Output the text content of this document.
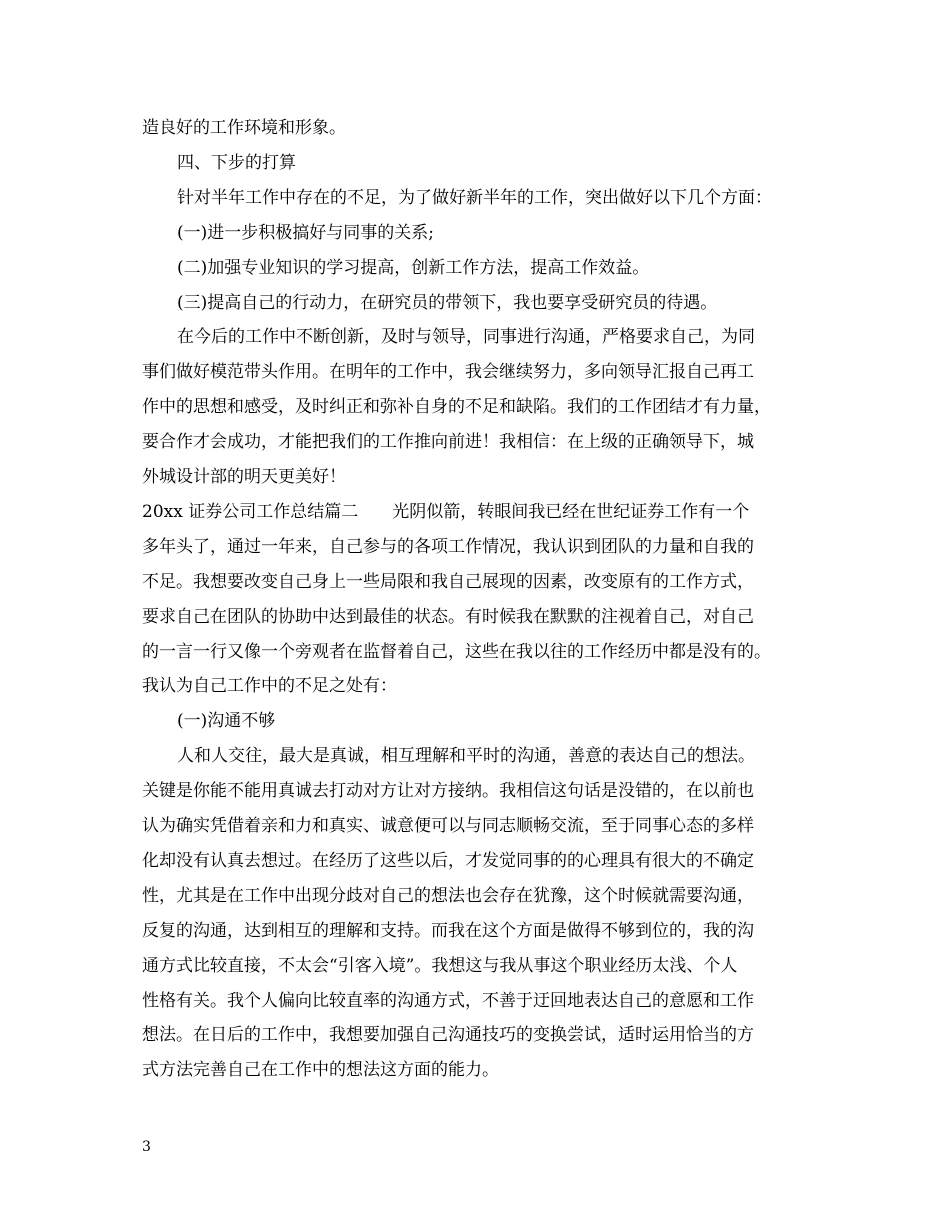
造良好的工作环境和形象。
四、下步的打算
针对半年工作中存在的不足，为了做好新半年的工作，突出做好以下几个方面：
(一)进一步积极搞好与同事的关系;
(二)加强专业知识的学习提高，创新工作方法，提高工作效益。
(三)提高自己的行动力，在研究员的带领下，我也要享受研究员的待遇。
在今后的工作中不断创新，及时与领导，同事进行沟通，严格要求自己，为同
事们做好模范带头作用。在明年的工作中，我会继续努力，多向领导汇报自己再工
作中的思想和感受，及时纠正和弥补自身的不足和缺陷。我们的工作团结才有力量，
要合作才会成功，才能把我们的工作推向前进！我相信：在上级的正确领导下，城
外城设计部的明天更美好！
20xx 证券公司工作总结篇二　　光阴似箭，转眼间我已经在世纪证券工作有一个
多年头了，通过一年来，自己参与的各项工作情况，我认识到团队的力量和自我的
不足。我想要改变自己身上一些局限和我自己展现的因素，改变原有的工作方式，
要求自己在团队的协助中达到最佳的状态。有时候我在默默的注视着自己，对自己
的一言一行又像一个旁观者在监督着自己，这些在我以往的工作经历中都是没有的。
我认为自己工作中的不足之处有：
(一)沟通不够
人和人交往，最大是真诚，相互理解和平时的沟通，善意的表达自己的想法。
关键是你能不能用真诚去打动对方让对方接纳。我相信这句话是没错的，在以前也
认为确实凭借着亲和力和真实、诚意便可以与同志顺畅交流，至于同事心态的多样
化却没有认真去想过。在经历了这些以后，才发觉同事的的心理具有很大的不确定
性，尤其是在工作中出现分歧对自己的想法也会存在犹豫，这个时候就需要沟通，
反复的沟通，达到相互的理解和支持。而我在这个方面是做得不够到位的，我的沟
通方式比较直接，不太会“引客入境”。我想这与我从事这个职业经历太浅、个人
性格有关。我个人偏向比较直率的沟通方式，不善于迂回地表达自己的意愿和工作
想法。在日后的工作中，我想要加强自己沟通技巧的变换尝试，适时运用恰当的方
式方法完善自己在工作中的想法这方面的能力。
3
